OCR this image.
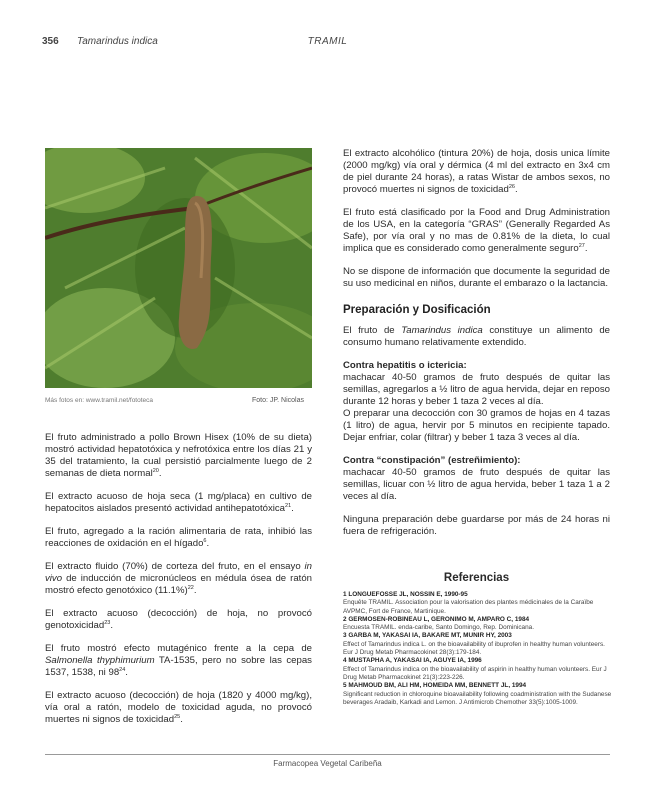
356 Tamarindus indica	TRAMIL
Más fotos en: www.tramil.net/fototeca	Foto: JP. Nicolas

El fruto administrado a pollo Brown Hisex (10% de su dieta) mostró actividad hepatotóxica y nefrotóxica entre los días 21 y 35 del tratamiento, la cual persistió parcialmente luego de 2 semanas de dieta normal$^{20}$.

El extracto acuoso de hoja seca (1 mg/placa) en cultivo de hepatocitos aislados presentó actividad antihepatotóxica$^{21}$.

El fruto, agregado a la ración alimentaria de rata, inhibió las reacciones de oxidación en el hígado$^6$.

El extracto fluido (70%) de corteza del fruto, en el ensayo in vivo de inducción de micronúcleos en médula ósea de ratón mostró efecto genotóxico $(11.1\%)^{22}$.

El extracto acuoso (decocción) de hoja, no provocó genotoxicidad$^{23}$.

El fruto mostró efecto mutagénico frente a la cepa de Salmonella thyphimurium TA-1535, pero no sobre las cepas 1537, 1538, ni $98^{24}$.

El extracto acuoso (decocción) de hoja (1820 y 4000 mg/kg), vía oral a ratón, modelo de toxicidad aguda, no provocó muertes ni signos de toxicidad$^{25}$.

El extracto alcohólico (tintura 20%) de hoja, dosis unica límite (2000 mg/kg) vía oral y dérmica (4 ml del extracto en 3x4 cm de piel durante 24 horas), a ratas Wistar de ambos sexos, no provocó muertes ni signos de toxicidad$^{26}$.

El fruto está clasificado por la Food and Drug Administration de los USA, en la categoría “GRAS” (Generally Regarded As Safe), por vía oral y no mas de 0.81% de la dieta, lo cual implica que es considerado como generalmente seguro$^{27}$.

No se dispone de información que documente la seguridad de su uso medicinal en niños, durante el embarazo o la lactancia.

Preparación y Dosificación

El fruto de Tamarindus indica constituye un alimento de consumo humano relativamente extendido.

Contra hepatitis o ictericia:
machacar 40-50 gramos de fruto después de quitar las semillas, agregarlos a ½ litro de agua hervida, dejar en reposo durante 12 horas y beber 1 taza 2 veces al día.

O preparar una decocción con 30 gramos de hojas en 4 tazas (1 litro) de agua, hervir por 5 minutos en recipiente tapado. Dejar enfriar, colar (filtrar) y beber 1 taza 3 veces al día.

Contra “constipación” (estreñimiento):

machacar 40-50 gramos de fruto después de quitar las semillas, licuar con ½ litro de agua hervida, beber 1 taza 1 a 2 veces al día.

Ninguna preparación debe guardarse por más de 24 horas ni fuera de refrigeración.

Referencias
1 LONGUEFOSSE JL, NOSSIN E, 1990-95
Enquête TRAMIL. Association pour la valorisation des plantes médicinales de la Caraïbe AVPMC, Fort de France, Martinique.
2 GERMOSEN-ROBINEAU L, GERONIMO M, AMPARO C, 1984
Encuesta TRAMIL. enda-caribe, Santo Domingo, Rep. Dominicana.
3 GARBA M, YAKASAI IA, BAKARE MT, MUNIR HY, 2003
Effect of Tamarindus indica L. on the bioavailability of ibuprofen in healthy human volunteers. Eur J Drug Metab Pharmacokinet 28(3):179-184.
4 MUSTAPHA A, YAKASAI IA, AGUYE IA, 1996
Effect of Tamarindus indica on the bioavailability of aspirin in healthy human volunteers. Eur J Drug Metab Pharmacokinet 21(3):223-226.
5 MAHMOUD BM, ALI HM, HOMEIDA MM, BENNETT JL, 1994
Significant reduction in chloroquine bioavailability following coadministration with the Sudanese beverages Aradaib, Karkadi and Lemon. J Antimicrob Chemother 33(5):1005-1009.
Farmacopea Vegetal Caribeña
